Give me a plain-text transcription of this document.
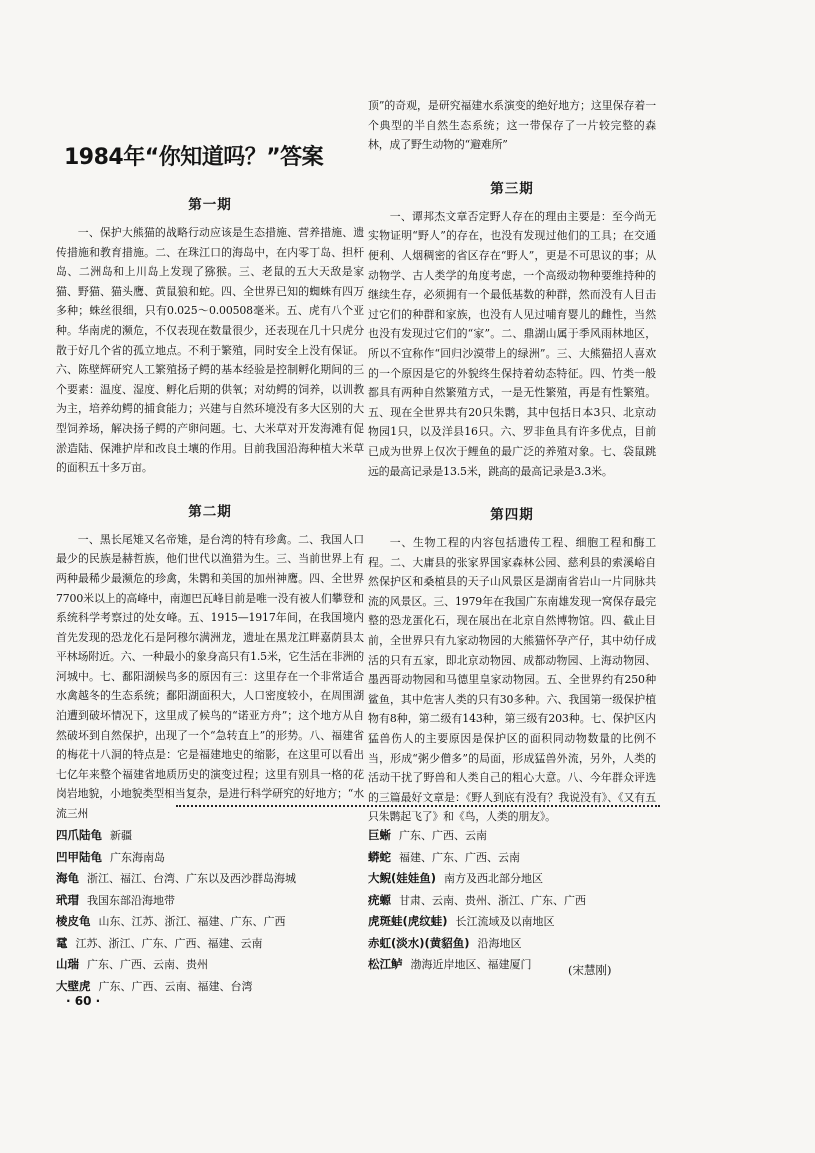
1984年“你知道吗？”答案
第一期

一、保护大熊猫的战略行动应该是生态措施、营养措施、遗传措施和教育措施。二、在珠江口的海岛中，在内零丁岛、担杆岛、二洲岛和上川岛上发现了猕猴。三、老鼠的五大天敌是家猫、野猫、猫头鹰、黄鼠狼和蛇。四、全世界已知的蜘蛛有四万多种；蛛丝很细，只有0.025～0.00508毫米。五、虎有八个亚种。华南虎的濒危，不仅表现在数量很少，还表现在几十只虎分散于好几个省的孤立地点。不利于繁殖，同时安全上没有保证。六、陈壁辉研究人工繁殖扬子鳄的基本经验是控制孵化期间的三个要素：温度、湿度、孵化后期的供氧；对幼鳄的饲养，以训教为主，培养幼鳄的捕食能力；兴建与自然环境没有多大区别的大型饲养场，解决扬子鳄的产卵问题。七、大米草对开发海滩有促淤造陆、保滩护岸和改良土壤的作用。目前我国沿海种植大米草的面积五十多万亩。

第二期

一、黑长尾雉又名帝雉，是台湾的特有珍禽。二、我国人口最少的民族是赫哲族，他们世代以渔猎为生。三、当前世界上有两种最稀少最濒危的珍禽，朱鹮和美国的加州神鹰。四、全世界7700米以上的高峰中，南迦巴瓦峰目前是唯一没有被人们攀登和系统科学考察过的处女峰。五、1915—1917年间，在我国境内首先发现的恐龙化石是阿穆尔满洲龙，遗址在黑龙江畔嘉荫县太平林场附近。六、一种最小的象身高只有1.5米，它生活在非洲的河城中。七、鄱阳湖候鸟多的原因有三：这里存在一个非常适合水禽越冬的生态系统；鄱阳湖面积大，人口密度较小，在周围湖泊遭到破坏情况下，这里成了候鸟的“诺亚方舟”；这个地方从自然破坏到自然保护，出现了一个“急转直上”的形势。八、福建省的梅花十八洞的特点是：它是福建地史的缩影，在这里可以看出七亿年来整个福建省地质历史的演变过程；这里有别具一格的花岗岩地貌，小地貌类型相当复杂，是进行科学研究的好地方；“水流三州

顶”的奇观，是研究福建水系演变的绝好地方；这里保存着一个典型的半自然生态系统；这一带保存了一片较完整的森林，成了野生动物的“避难所”

第三期

一、谭邦杰文章否定野人存在的理由主要是：至今尚无实物证明“野人”的存在，也没有发现过他们的工具；在交通便利、人烟稠密的省区存在“野人”，更是不可思议的事；从动物学、古人类学的角度考虑，一个高级动物种要维持种的继续生存，必须拥有一个最低基数的种群，然而没有人目击过它们的种群和家族，也没有人见过哺育婴儿的雌性，当然也没有发现过它们的“家”。二、鼎湖山属于季风雨林地区，所以不宜称作“回归沙漠带上的绿洲”。三、大熊猫招人喜欢的一个原因是它的外貌终生保持着幼态特征。四、竹类一般都具有两种自然繁殖方式，一是无性繁殖，再是有性繁殖。五、现在全世界共有20只朱鹮，其中包括日本3只、北京动物园1只，以及洋县16只。六、罗非鱼具有许多优点，目前已成为世界上仅次于鲤鱼的最广泛的养殖对象。七、袋鼠跳远的最高记录是13.5米，跳高的最高记录是3.3米。

第四期

一、生物工程的内容包括遗传工程、细胞工程和酶工程。二、大庸县的张家界国家森林公园、慈利县的索溪峪自然保护区和桑植县的天子山风景区是湖南省岩山一片同脉共流的风景区。三、1979年在我国广东南雄发现一窝保存最完整的恐龙蛋化石，现在展出在北京自然博物馆。四、截止目前，全世界只有九家动物园的大熊猫怀孕产仔，其中幼仔成活的只有五家，即北京动物园、成都动物园、上海动物园、墨西哥动物园和马德里皇家动物园。五、全世界约有250种鲨鱼，其中危害人类的只有30多种。六、我国第一级保护植物有8种，第二级有143种，第三级有203种。七、保护区内猛兽伤人的主要原因是保护区的面积同动物数量的比例不当，形成“粥少僧多”的局面，形成猛兽外流，另外，人类的活动干扰了野兽和人类自己的粗心大意。八、今年群众评选的三篇最好文章是：《野人到底有没有？我说没有》、《又有五只朱鹮起飞了》和《鸟，人类的朋友》。

四爪陆龟 新疆
凹甲陆龟 广东海南岛
海龟 浙江、福江、台湾、广东以及西沙群岛海城
玳瑁 我国东部沿海地带
棱皮龟 山东、江苏、浙江、福建、广东、广西
鼋 江苏、浙江、广东、广西、福建、云南
山瑞 广东、广西、云南、贵州
大壁虎 广东、广西、云南、福建、台湾
巨蜥 广东、广西、云南
蟒蛇 福建、广东、广西、云南
大鲵(娃娃鱼) 南方及西北部分地区
疣螈 甘肃、云南、贵州、浙江、广东、广西
虎斑蛙(虎纹蛙) 长江流域及以南地区
赤虹(淡水)(黄貂鱼) 沿海地区
松江鲈 渤海近岸地区、福建厦门	(宋慧刚)
· 60 ·
